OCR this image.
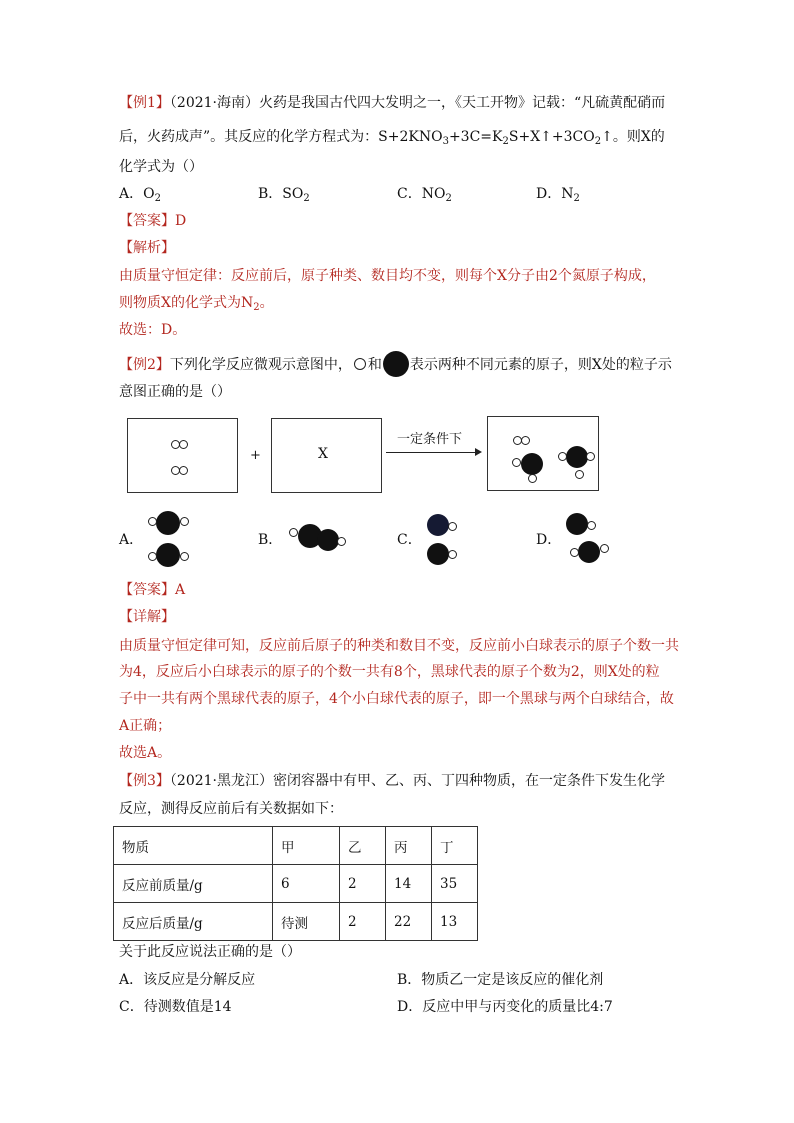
【例1】（2021·海南）火药是我国古代四大发明之一，《天工开物》记载：“凡硫黄配硝而
后，火药成声”。其反应的化学方程式为：$S+2KNO_3+3C=K_2S+X↑+3CO_2↑$。则X的
化学式为（）
A．$O_2$	B．$SO_2$	C．$NO_2$	D．$N_2$
【答案】D
【解析】
由质量守恒定律：反应前后，原子种类、数目均不变，则每个X分子由2个氮原子构成，
则物质X的化学式为$N_2$。
故选：D。
【例2】下列化学反应微观示意图中， 和 表示两种不同元素的原子，则X处的粒子示
意图正确的是（）
+	X
一定条件下
A．	B．	C．	D．
【答案】A
【详解】
由质量守恒定律可知，反应前后原子的种类和数目不变，反应前小白球表示的原子个数一共
为4，反应后小白球表示的原子的个数一共有8个，黑球代表的原子个数为2，则X处的粒
子中一共有两个黑球代表的原子，4个小白球代表的原子，即一个黑球与两个白球结合，故
A正确；
故选A。
【例3】（2021·黑龙江）密闭容器中有甲、乙、丙、丁四种物质，在一定条件下发生化学
反应，测得反应前后有关数据如下：
物质	甲	乙	丙	丁
反应前质量/g	6	2	14	35
反应后质量/g	待测	2	22	13
关于此反应说法正确的是（）
A．该反应是分解反应	B．物质乙一定是该反应的催化剂
C．待测数值是14	D．反应中甲与丙变化的质量比4:7
